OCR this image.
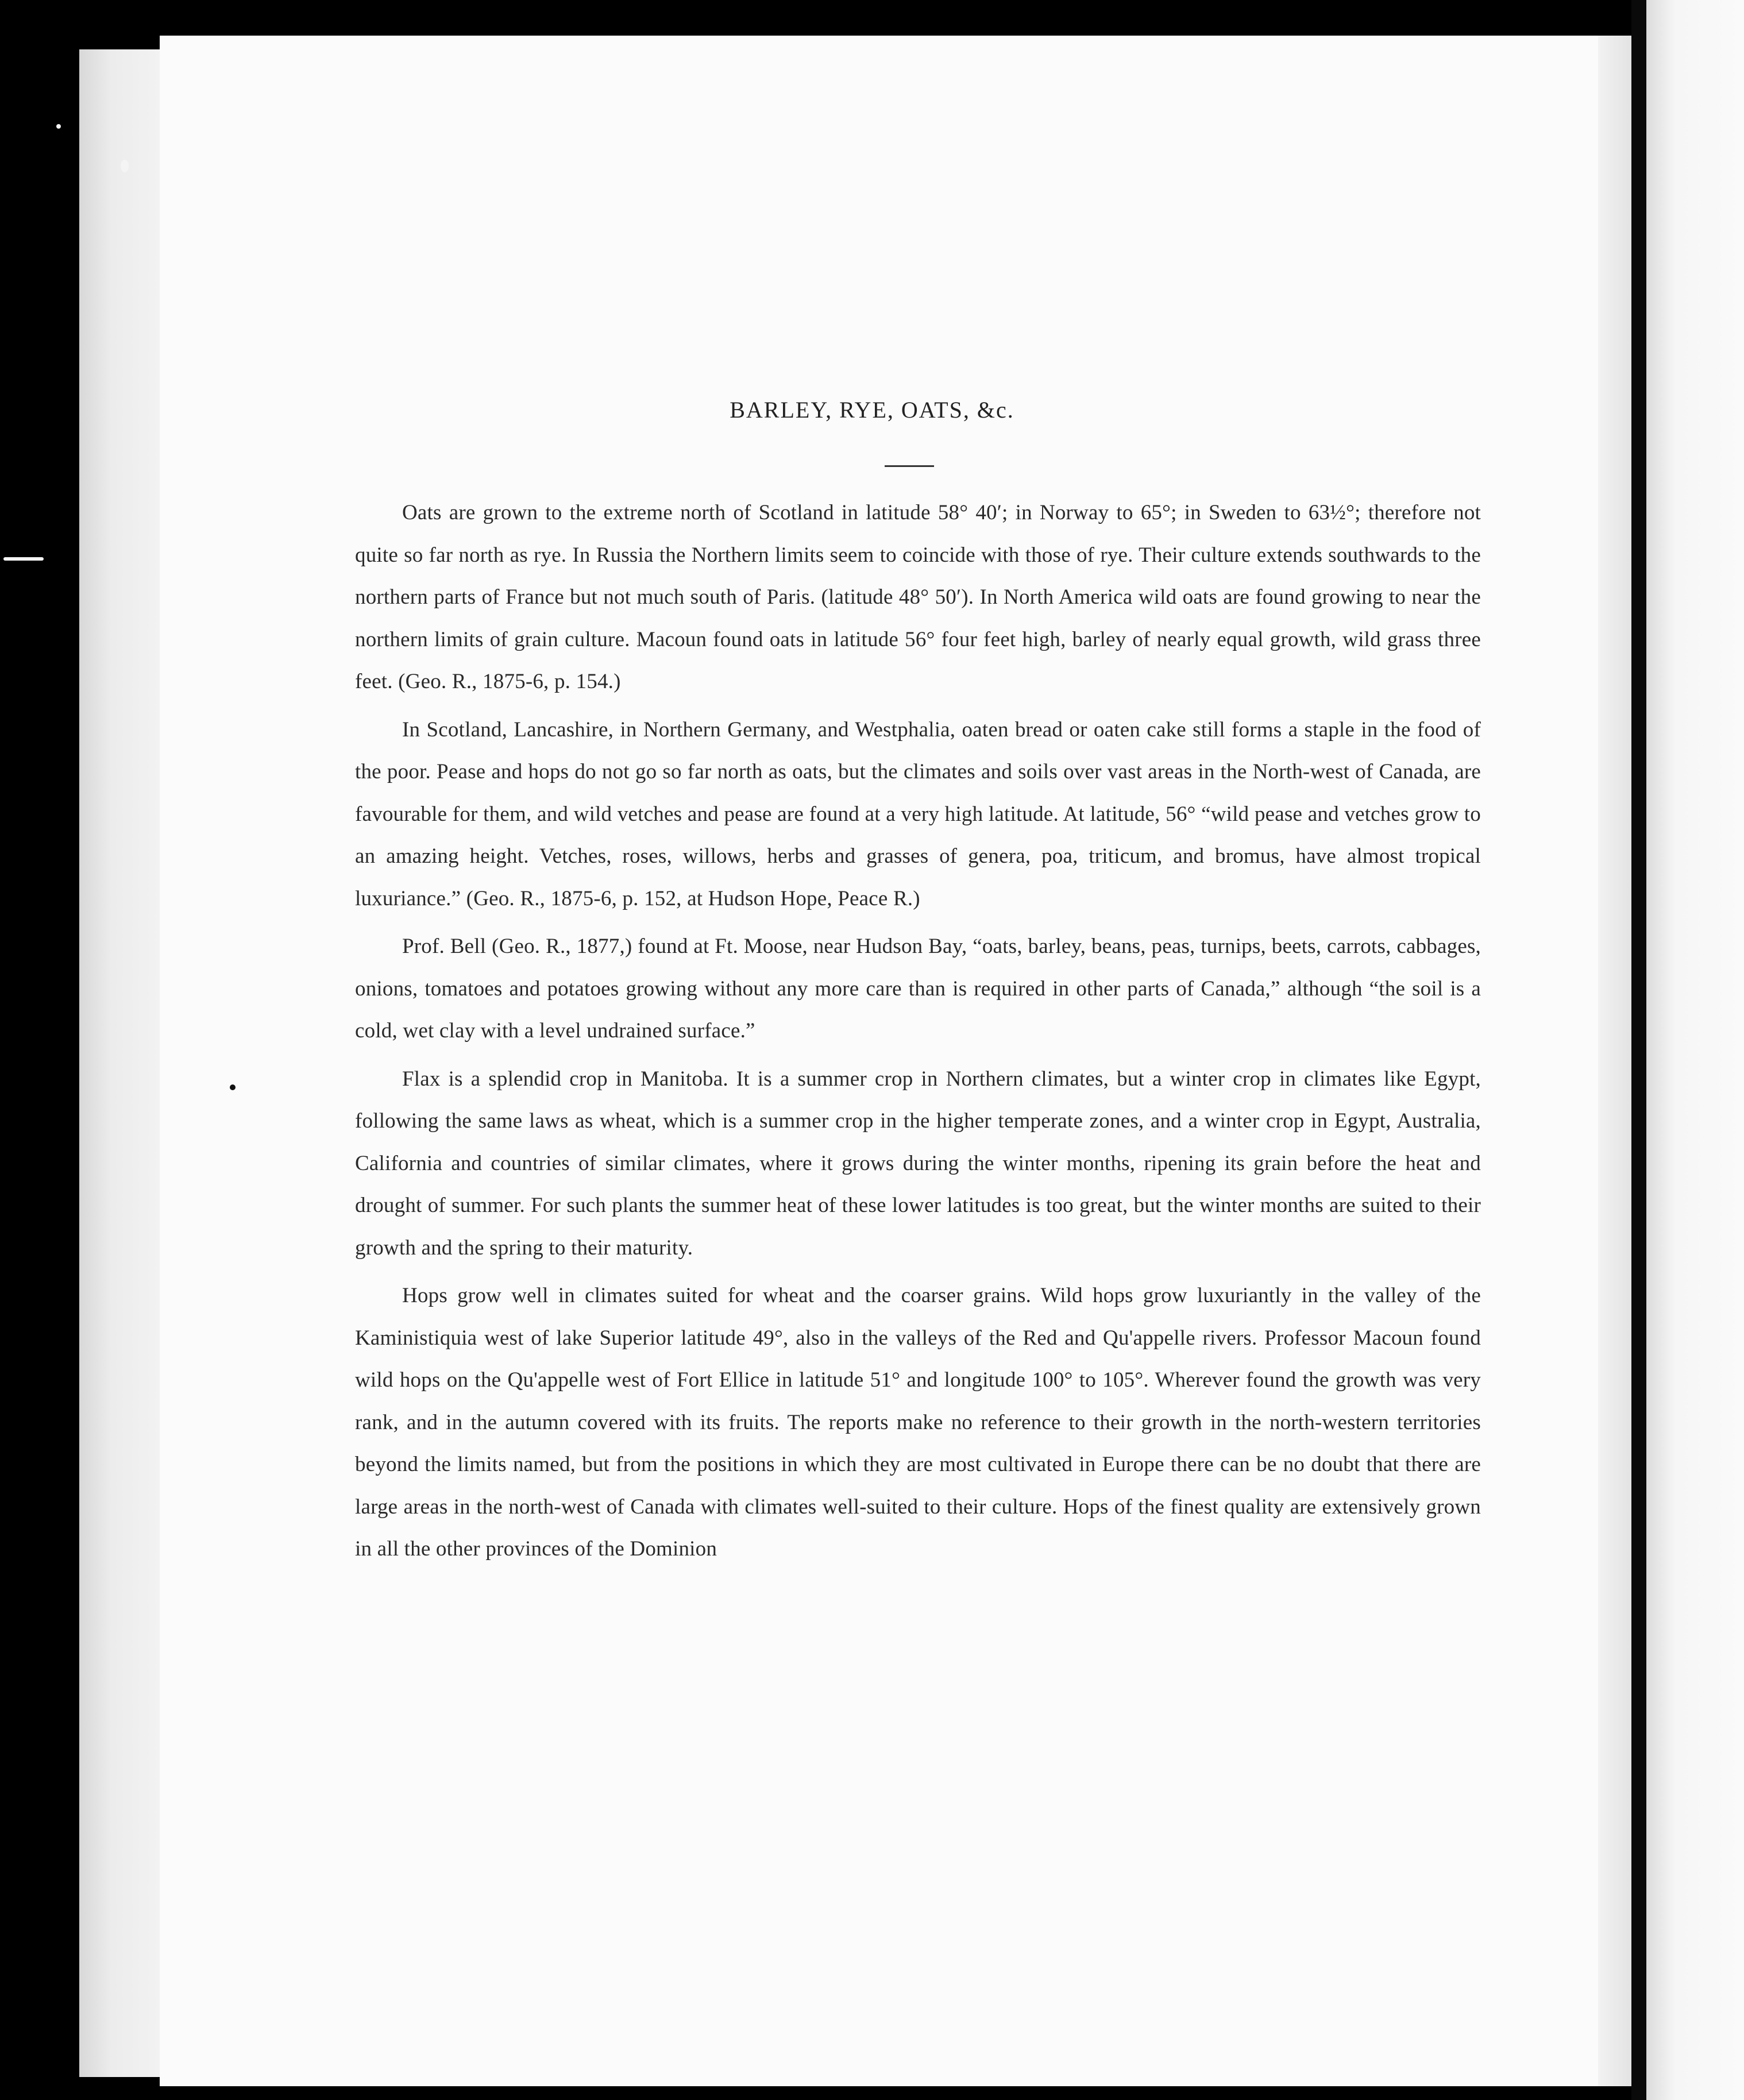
BARLEY, RYE, OATS, &c.

Oats are grown to the extreme north of Scotland in latitude 58° 40′; in Norway to 65°; in Sweden to 63½°; therefore not quite so far north as rye. In Russia the Northern limits seem to coincide with those of rye. Their culture extends southwards to the northern parts of France but not much south of Paris. (latitude 48° 50′). In North America wild oats are found growing to near the northern limits of grain culture. Macoun found oats in latitude 56° four feet high, barley of nearly equal growth, wild grass three feet. (Geo. R., 1875-6, p. 154.)

In Scotland, Lancashire, in Northern Germany, and Westphalia, oaten bread or oaten cake still forms a staple in the food of the poor. Pease and hops do not go so far north as oats, but the climates and soils over vast areas in the North-west of Canada, are favourable for them, and wild vetches and pease are found at a very high latitude. At latitude, 56° “wild pease and vetches grow to an amazing height. Vetches, roses, willows, herbs and grasses of genera, poa, triticum, and bromus, have almost tropical luxuriance.” (Geo. R., 1875-6, p. 152, at Hudson Hope, Peace R.)

Prof. Bell (Geo. R., 1877,) found at Ft. Moose, near Hudson Bay, “oats, barley, beans, peas, turnips, beets, carrots, cabbages, onions, tomatoes and potatoes growing without any more care than is required in other parts of Canada,” although “the soil is a cold, wet clay with a level undrained surface.”

Flax is a splendid crop in Manitoba. It is a summer crop in Northern climates, but a winter crop in climates like Egypt, following the same laws as wheat, which is a summer crop in the higher temperate zones, and a winter crop in Egypt, Australia, California and countries of similar climates, where it grows during the winter months, ripening its grain before the heat and drought of summer. For such plants the summer heat of these lower latitudes is too great, but the winter months are suited to their growth and the spring to their maturity.

Hops grow well in climates suited for wheat and the coarser grains. Wild hops grow luxuriantly in the valley of the Kaministiquia west of lake Superior latitude 49°, also in the valleys of the Red and Qu'appelle rivers. Professor Macoun found wild hops on the Qu'appelle west of Fort Ellice in latitude 51° and longitude 100° to 105°. Wherever found the growth was very rank, and in the autumn covered with its fruits. The reports make no reference to their growth in the north-western territories beyond the limits named, but from the positions in which they are most cultivated in Europe there can be no doubt that there are large areas in the north-west of Canada with climates well-suited to their culture. Hops of the finest quality are extensively grown in all the other provinces of the Dominion
